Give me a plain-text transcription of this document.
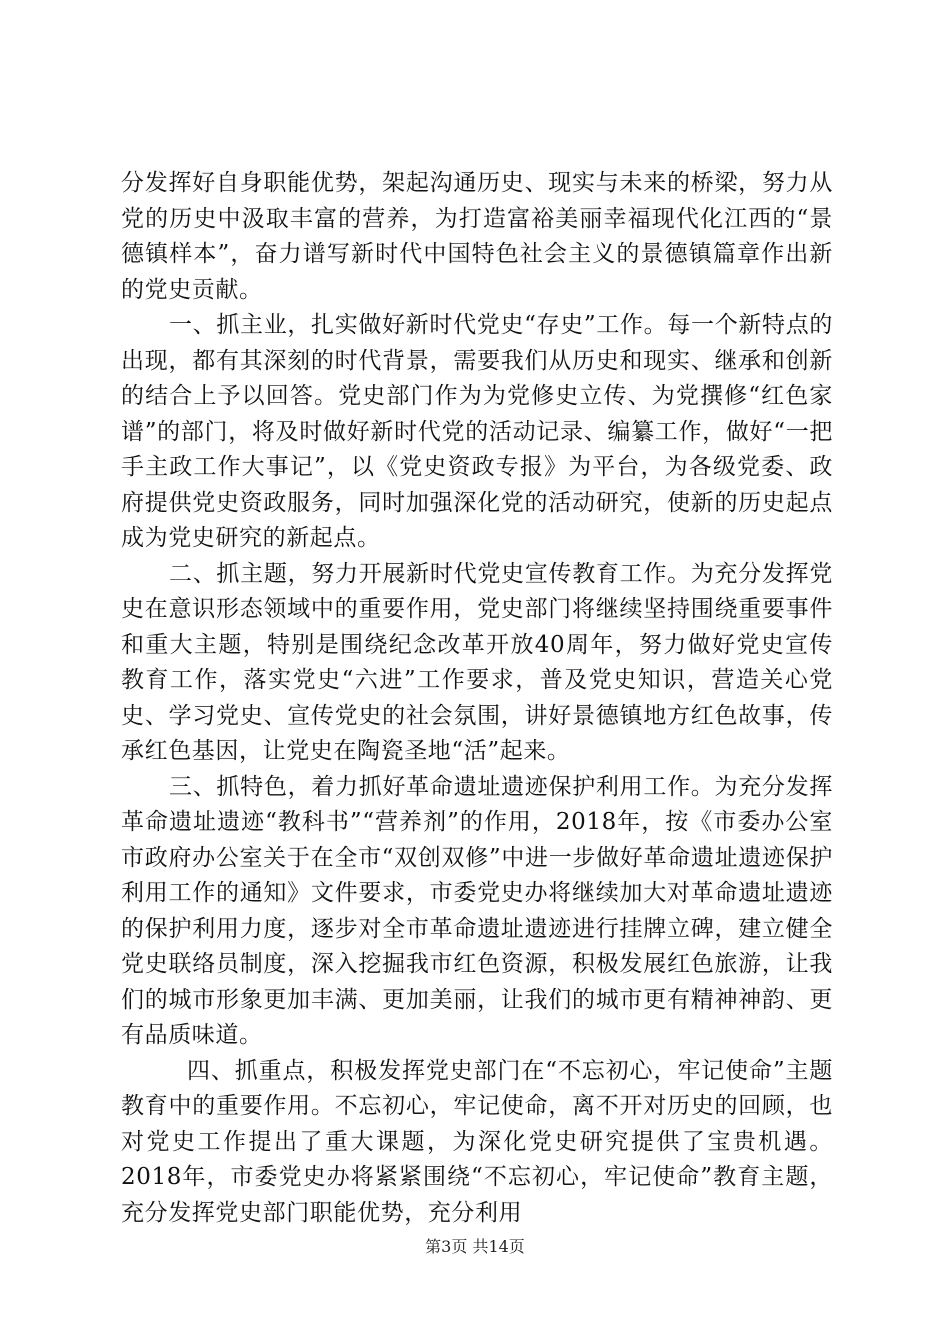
分发挥好自身职能优势，架起沟通历史、现实与未来的桥梁，努力从党的历史中汲取丰富的营养，为打造富裕美丽幸福现代化江西的“景德镇样本”，奋力谱写新时代中国特色社会主义的景德镇篇章作出新的党史贡献。

一、抓主业，扎实做好新时代党史“存史”工作。每一个新特点的出现，都有其深刻的时代背景，需要我们从历史和现实、继承和创新的结合上予以回答。党史部门作为为党修史立传、为党撰修“红色家谱”的部门，将及时做好新时代党的活动记录、编纂工作，做好“一把手主政工作大事记”，以《党史资政专报》为平台，为各级党委、政府提供党史资政服务，同时加强深化党的活动研究，使新的历史起点成为党史研究的新起点。

二、抓主题，努力开展新时代党史宣传教育工作。为充分发挥党史在意识形态领域中的重要作用，党史部门将继续坚持围绕重要事件和重大主题，特别是围绕纪念改革开放40周年，努力做好党史宣传教育工作，落实党史“六进”工作要求，普及党史知识，营造关心党史、学习党史、宣传党史的社会氛围，讲好景德镇地方红色故事，传承红色基因，让党史在陶瓷圣地“活”起来。

三、抓特色，着力抓好革命遗址遗迹保护利用工作。为充分发挥革命遗址遗迹“教科书”“营养剂”的作用，2018年，按《市委办公室市政府办公室关于在全市“双创双修”中进一步做好革命遗址遗迹保护利用工作的通知》文件要求，市委党史办将继续加大对革命遗址遗迹的保护利用力度，逐步对全市革命遗址遗迹进行挂牌立碑，建立健全党史联络员制度，深入挖掘我市红色资源，积极发展红色旅游，让我们的城市形象更加丰满、更加美丽，让我们的城市更有精神神韵、更有品质味道。

四、抓重点，积极发挥党史部门在“不忘初心，牢记使命”主题教育中的重要作用。不忘初心，牢记使命，离不开对历史的回顾，也对党史工作提出了重大课题，为深化党史研究提供了宝贵机遇。2018年，市委党史办将紧紧围绕“不忘初心，牢记使命”教育主题，充分发挥党史部门职能优势，充分利用

第3页 共14页
